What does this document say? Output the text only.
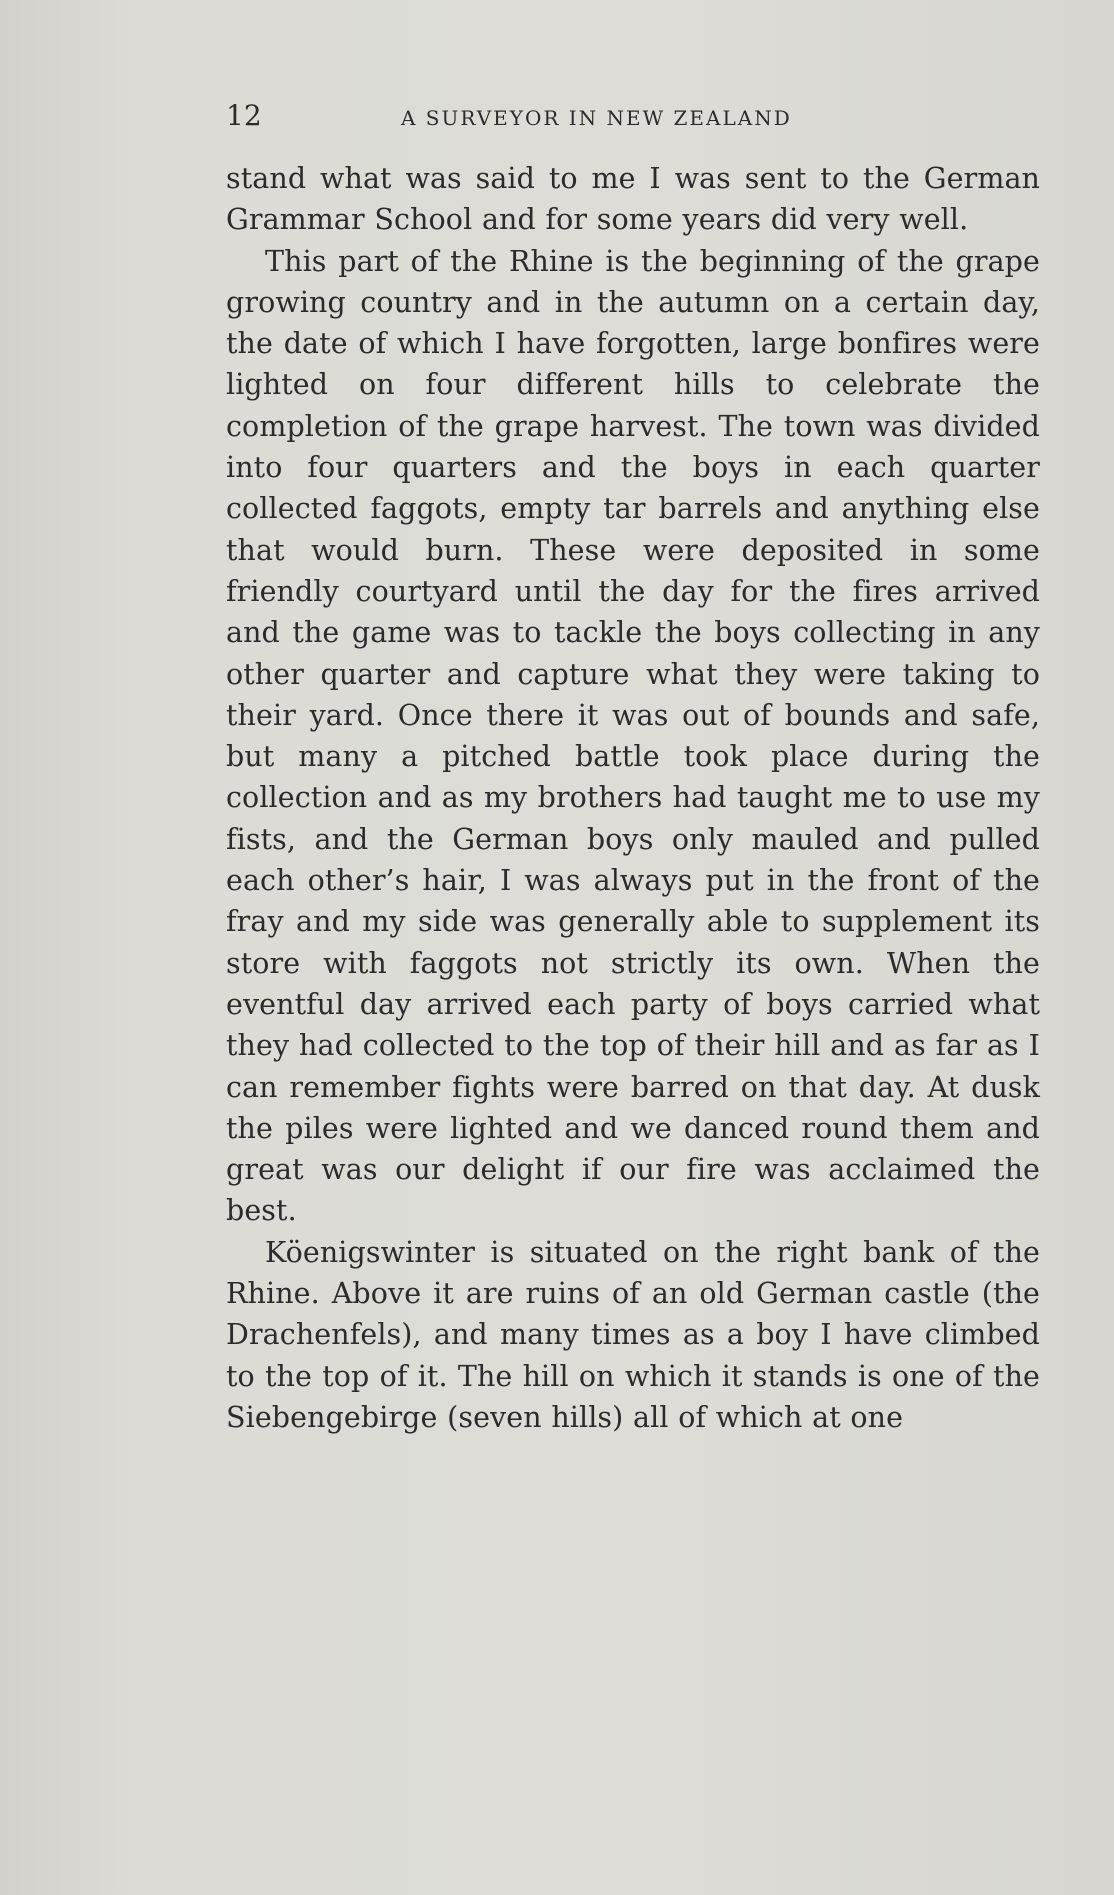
12	A SURVEYOR IN NEW ZEALAND

stand what was said to me I was sent to the German Grammar School and for some years did very well.

This part of the Rhine is the beginning of the grape growing country and in the autumn on a certain day, the date of which I have forgotten, large bonfires were lighted on four different hills to celebrate the completion of the grape harvest. The town was divided into four quarters and the boys in each quarter collected faggots, empty tar barrels and anything else that would burn. These were deposited in some friendly courtyard until the day for the fires arrived and the game was to tackle the boys collecting in any other quarter and capture what they were taking to their yard. Once there it was out of bounds and safe, but many a pitched battle took place during the collection and as my brothers had taught me to use my fists, and the German boys only mauled and pulled each other’s hair, I was always put in the front of the fray and my side was generally able to supplement its store with faggots not strictly its own. When the eventful day arrived each party of boys carried what they had collected to the top of their hill and as far as I can remember fights were barred on that day. At dusk the piles were lighted and we danced round them and great was our delight if our fire was acclaimed the best.

Köenigswinter is situated on the right bank of the Rhine. Above it are ruins of an old German castle (the Drachenfels), and many times as a boy I have climbed to the top of it. The hill on which it stands is one of the Siebengebirge (seven hills) all of which at one
